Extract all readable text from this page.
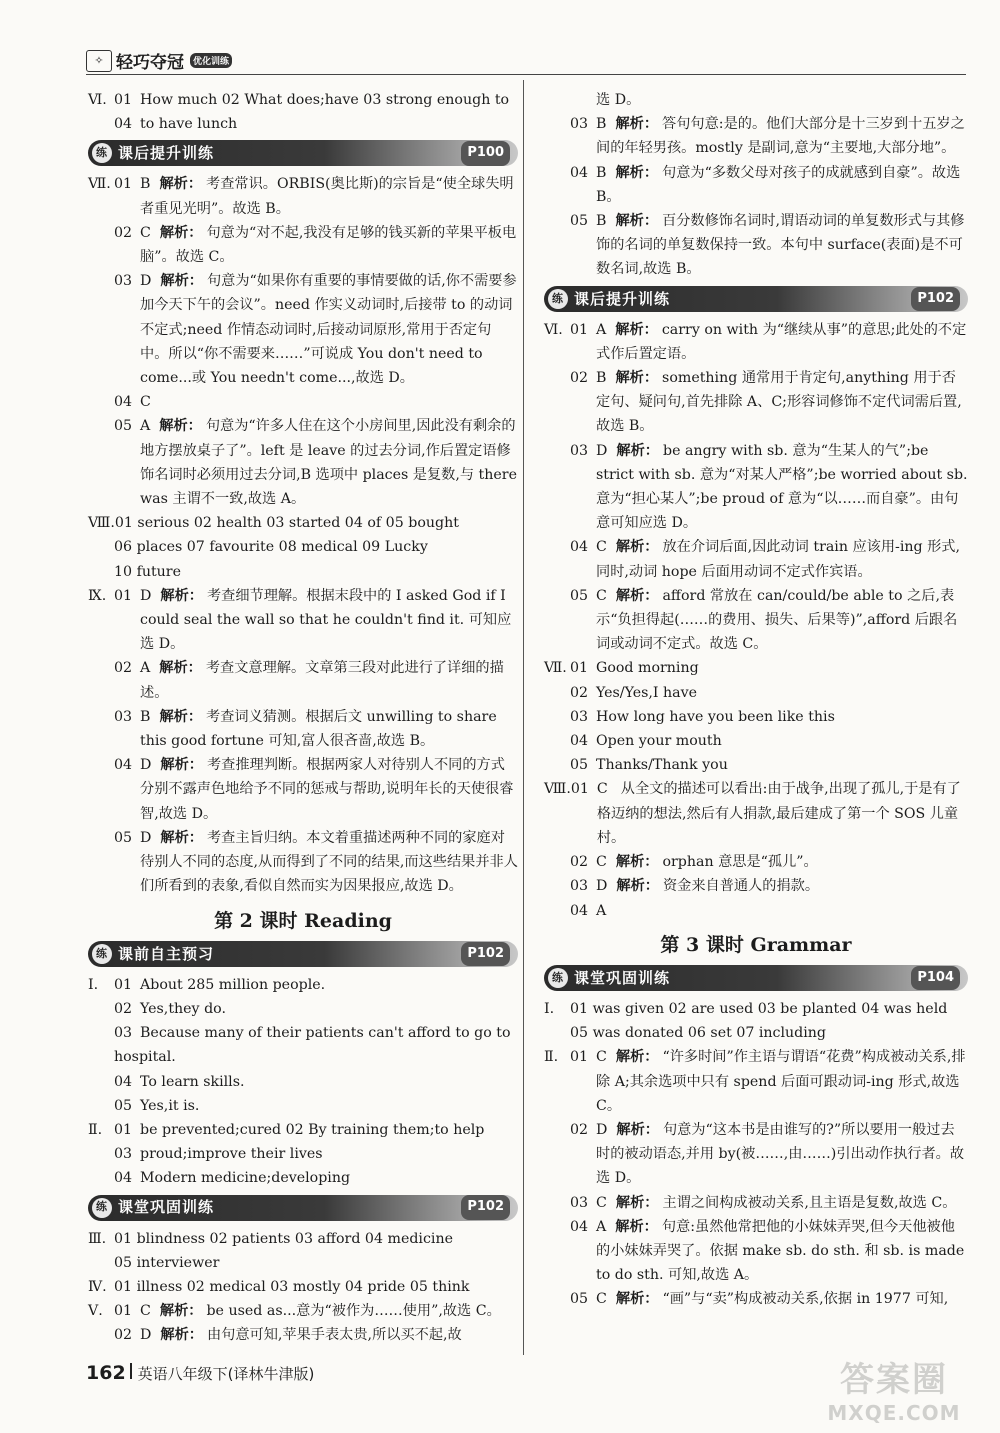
✧ 轻巧夺冠	优化训练
Ⅵ. 01 How much 02 What does;have 03 strong enough to
04 to have lunch
练 课后提升训练	P100
Ⅶ. 01 B 解析： 考查常识。ORBIS(奥比斯)的宗旨是“使全球失明者重见光明”。故选 B。
02 C 解析： 句意为“对不起,我没有足够的钱买新的苹果平板电脑”。故选 C。
03 D 解析： 句意为“如果你有重要的事情要做的话,你不需要参加今天下午的会议”。need 作实义动词时,后接带 to 的动词不定式;need 作情态动词时,后接动词原形,常用于否定句中。所以“你不需要来……”可说成 You don't need to come...或 You needn't come...,故选 D。
04 C
05 A 解析： 句意为“许多人住在这个小房间里,因此没有剩余的地方摆放桌子了”。left 是 leave 的过去分词,作后置定语修饰名词时必须用过去分词,B 选项中 places 是复数,与 there was 主谓不一致,故选 A。
Ⅷ. 01 serious 02 health 03 started 04 of 05 bought
06 places 07 favourite 08 medical 09 Lucky
10 future
Ⅸ. 01 D 解析： 考查细节理解。根据末段中的 I asked God if I could seal the wall so that he couldn't find it. 可知应选 D。
02 A 解析： 考查文意理解。文章第三段对此进行了详细的描述。
03 B 解析： 考查词义猜测。根据后文 unwilling to share this good fortune 可知,富人很吝啬,故选 B。
04 D 解析： 考查推理判断。根据两家人对待别人不同的方式分别不露声色地给予不同的惩戒与帮助,说明年长的天使很睿智,故选 D。
05 D 解析： 考查主旨归纳。本文着重描述两种不同的家庭对待别人不同的态度,从而得到了不同的结果,而这些结果并非人们所看到的表象,看似自然而实为因果报应,故选 D。
第 2 课时 Reading
练 课前自主预习	P102
Ⅰ.	01 About 285 million people.
02 Yes,they do.
03 Because many of their patients can't afford to go to hospital.
04 To learn skills.
05 Yes,it is.
Ⅱ. 01 be prevented;cured 02 By training them;to help
03 proud;improve their lives
04 Modern medicine;developing
练 课堂巩固训练	P102
Ⅲ. 01 blindness 02 patients 03 afford 04 medicine
05 interviewer
Ⅳ. 01 illness 02 medical 03 mostly 04 pride 05 think
Ⅴ. 01 C 解析： be used as...意为“被作为……使用”,故选 C。
02 D 解析： 由句意可知,苹果手表太贵,所以买不起,故
选 D。
03 B 解析： 答句句意:是的。他们大部分是十三岁到十五岁之间的年轻男孩。mostly 是副词,意为“主要地,大部分地”。
04 B 解析： 句意为“多数父母对孩子的成就感到自豪”。故选 B。
05 B 解析： 百分数修饰名词时,谓语动词的单复数形式与其修饰的名词的单复数保持一致。本句中 surface(表面)是不可数名词,故选 B。
练 课后提升训练	P102
Ⅵ. 01 A 解析： carry on with 为“继续从事”的意思;此处的不定式作后置定语。
02 B 解析： something 通常用于肯定句,anything 用于否定句、疑问句,首先排除 A、C;形容词修饰不定代词需后置,故选 B。
03 D 解析： be angry with sb. 意为“生某人的气”;be strict with sb. 意为“对某人严格”;be worried about sb. 意为“担心某人”;be proud of 意为“以……而自豪”。由句意可知应选 D。
04 C 解析： 放在介词后面,因此动词 train 应该用-ing 形式,同时,动词 hope 后面用动词不定式作宾语。
05 C 解析： afford 常放在 can/could/be able to 之后,表示“负担得起(……的费用、损失、后果等)”,afford 后跟名词或动词不定式。故选 C。
Ⅶ. 01 Good morning
02 Yes/Yes,I have
03 How long have you been like this
04 Open your mouth
05 Thanks/Thank you
Ⅷ. 01 C 从全文的描述可以看出:由于战争,出现了孤儿,于是有了格迈纳的想法,然后有人捐款,最后建成了第一个 SOS 儿童村。
02 C 解析： orphan 意思是“孤儿”。
03 D 解析： 资金来自普通人的捐款。
04 A
第 3 课时 Grammar
练 课堂巩固训练	P104
Ⅰ.	01 was given 02 are used 03 be planted 04 was held
05 was donated 06 set 07 including
Ⅱ. 01 C 解析： “许多时间”作主语与谓语“花费”构成被动关系,排除 A;其余选项中只有 spend 后面可跟动词-ing 形式,故选 C。
02 D 解析： 句意为“这本书是由谁写的?”所以要用一般过去时的被动语态,并用 by(被……,由……)引出动作执行者。故选 D。
03 C 解析： 主谓之间构成被动关系,且主语是复数,故选 C。
04 A 解析： 句意:虽然他常把他的小妹妹弄哭,但今天他被他的小妹妹弄哭了。依据 make sb. do sth. 和 sb. is made to do sth. 可知,故选 A。
05 C 解析： “画”与“卖”构成被动关系,依据 in 1977 可知,
162 英语八年级下(译林牛津版)	答案圈
MXQE.COM
